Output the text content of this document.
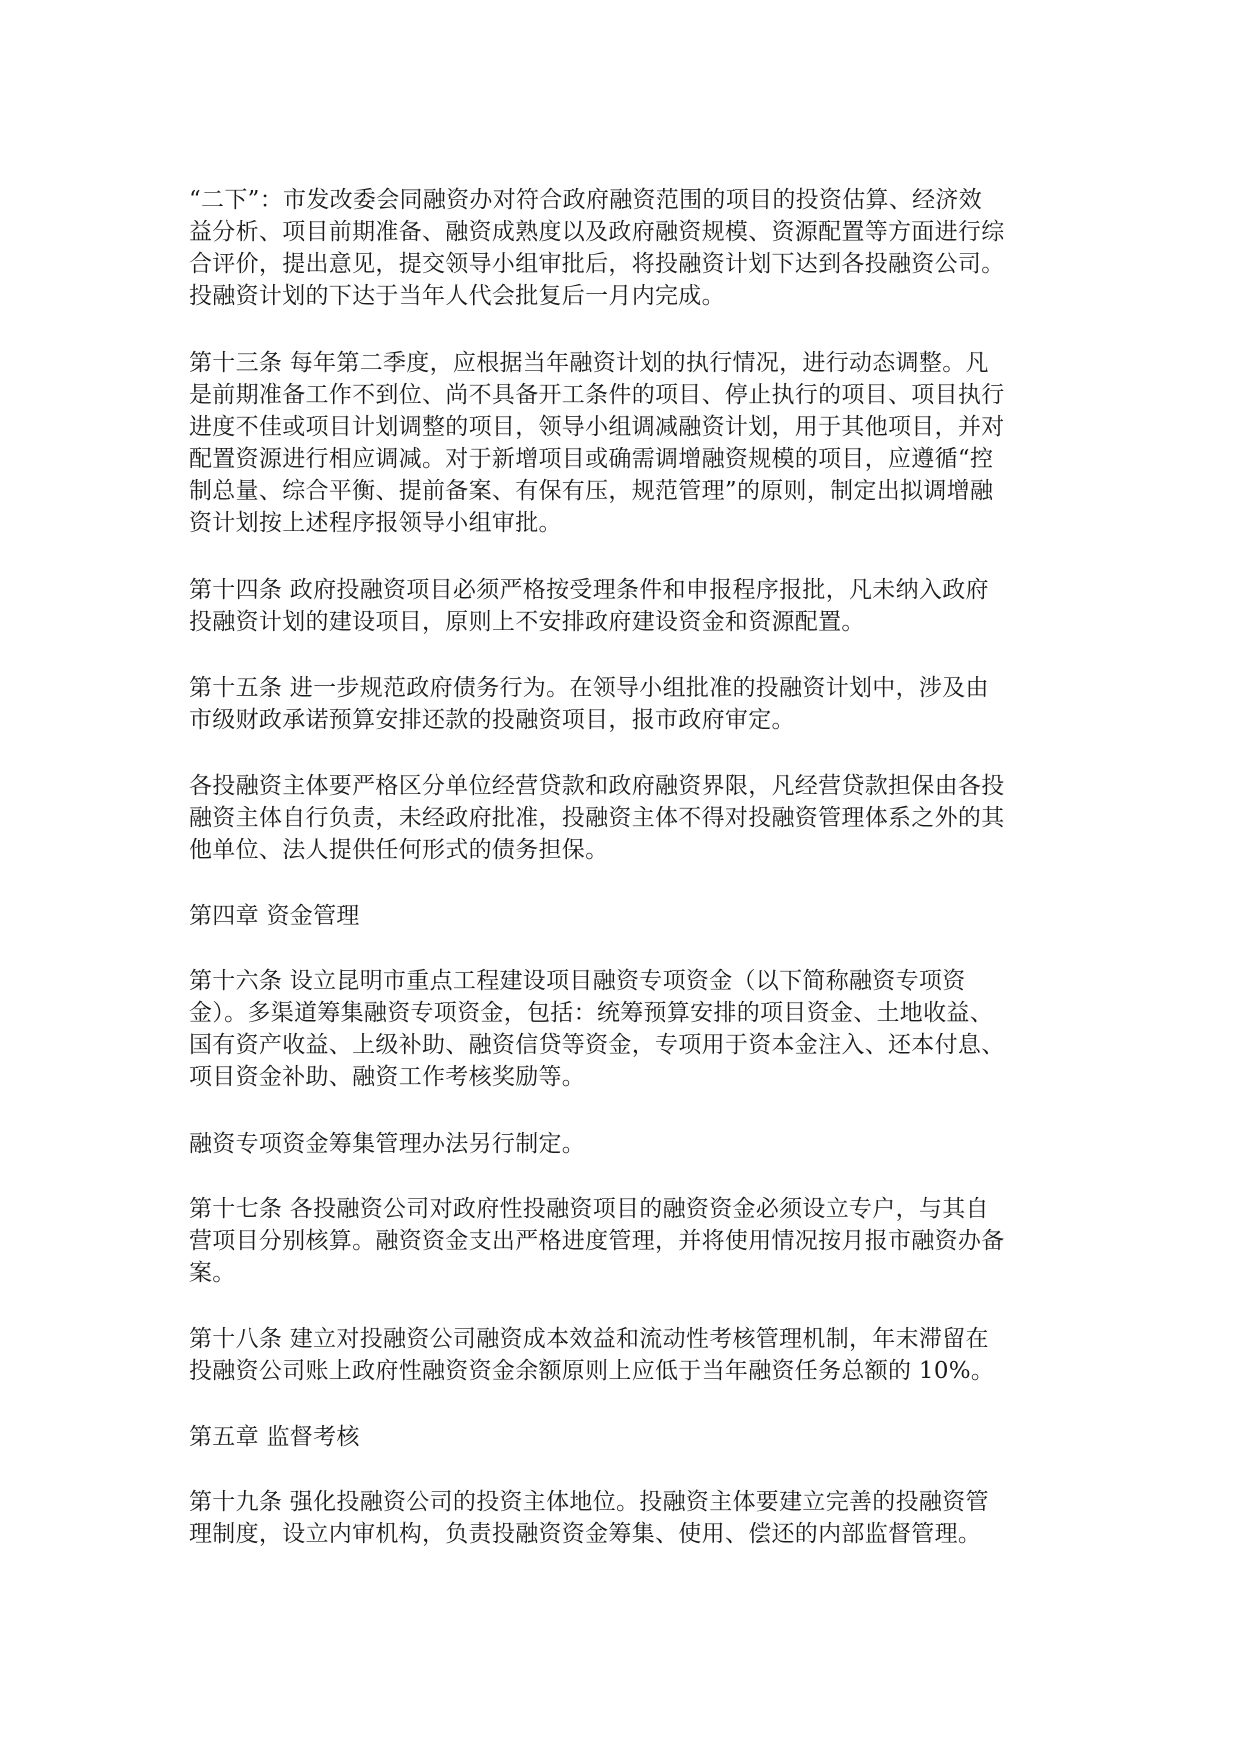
“二下”：市发改委会同融资办对符合政府融资范围的项目的投资估算、经济效
益分析、项目前期准备、融资成熟度以及政府融资规模、资源配置等方面进行综
合评价，提出意见，提交领导小组审批后，将投融资计划下达到各投融资公司。
投融资计划的下达于当年人代会批复后一月内完成。
第十三条 每年第二季度，应根据当年融资计划的执行情况，进行动态调整。凡
是前期准备工作不到位、尚不具备开工条件的项目、停止执行的项目、项目执行
进度不佳或项目计划调整的项目，领导小组调减融资计划，用于其他项目，并对
配置资源进行相应调减。对于新增项目或确需调增融资规模的项目，应遵循“控
制总量、综合平衡、提前备案、有保有压，规范管理”的原则，制定出拟调增融
资计划按上述程序报领导小组审批。
第十四条 政府投融资项目必须严格按受理条件和申报程序报批，凡未纳入政府
投融资计划的建设项目，原则上不安排政府建设资金和资源配置。
第十五条 进一步规范政府债务行为。在领导小组批准的投融资计划中，涉及由
市级财政承诺预算安排还款的投融资项目，报市政府审定。
各投融资主体要严格区分单位经营贷款和政府融资界限，凡经营贷款担保由各投
融资主体自行负责，未经政府批准，投融资主体不得对投融资管理体系之外的其
他单位、法人提供任何形式的债务担保。
第四章 资金管理
第十六条 设立昆明市重点工程建设项目融资专项资金（以下简称融资专项资
金）。多渠道筹集融资专项资金，包括：统筹预算安排的项目资金、土地收益、
国有资产收益、上级补助、融资信贷等资金，专项用于资本金注入、还本付息、
项目资金补助、融资工作考核奖励等。
融资专项资金筹集管理办法另行制定。
第十七条 各投融资公司对政府性投融资项目的融资资金必须设立专户，与其自
营项目分别核算。融资资金支出严格进度管理，并将使用情况按月报市融资办备
案。
第十八条 建立对投融资公司融资成本效益和流动性考核管理机制，年末滞留在
投融资公司账上政府性融资资金余额原则上应低于当年融资任务总额的 10%。
第五章 监督考核
第十九条 强化投融资公司的投资主体地位。投融资主体要建立完善的投融资管
理制度，设立内审机构，负责投融资资金筹集、使用、偿还的内部监督管理。
